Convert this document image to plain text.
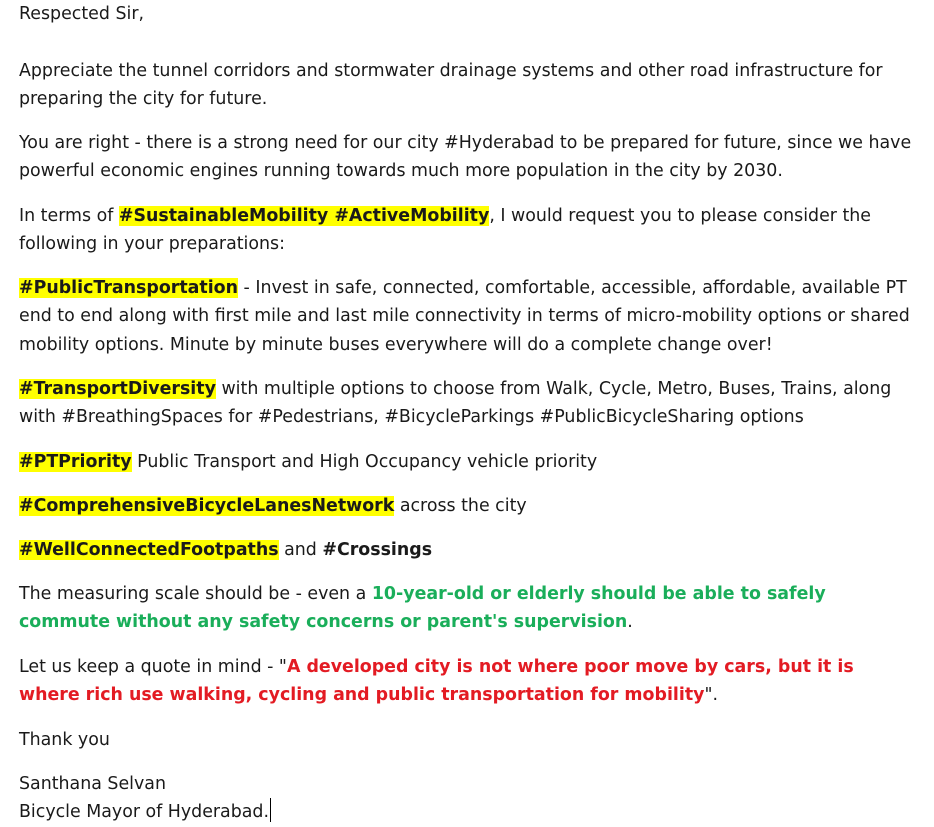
Respected Sir,

Appreciate the tunnel corridors and stormwater drainage systems and other road infrastructure for preparing the city for future.

You are right - there is a strong need for our city #Hyderabad to be prepared for future, since we have powerful economic engines running towards much more population in the city by 2030.

In terms of #SustainableMobility #ActiveMobility, I would request you to please consider the following in your preparations:

#PublicTransportation - Invest in safe, connected, comfortable, accessible, affordable, available PT end to end along with first mile and last mile connectivity in terms of micro-mobility options or shared mobility options. Minute by minute buses everywhere will do a complete change over!

#TransportDiversity with multiple options to choose from Walk, Cycle, Metro, Buses, Trains, along with #BreathingSpaces for #Pedestrians, #BicycleParkings #PublicBicycleSharing options

#PTPriority Public Transport and High Occupancy vehicle priority

#ComprehensiveBicycleLanesNetwork across the city

#WellConnectedFootpaths and #Crossings

The measuring scale should be - even a 10-year-old or elderly should be able to safely commute without any safety concerns or parent's supervision.

Let us keep a quote in mind - "A developed city is not where poor move by cars, but it is where rich use walking, cycling and public transportation for mobility".

Thank you

Santhana Selvan
Bicycle Mayor of Hyderabad.
